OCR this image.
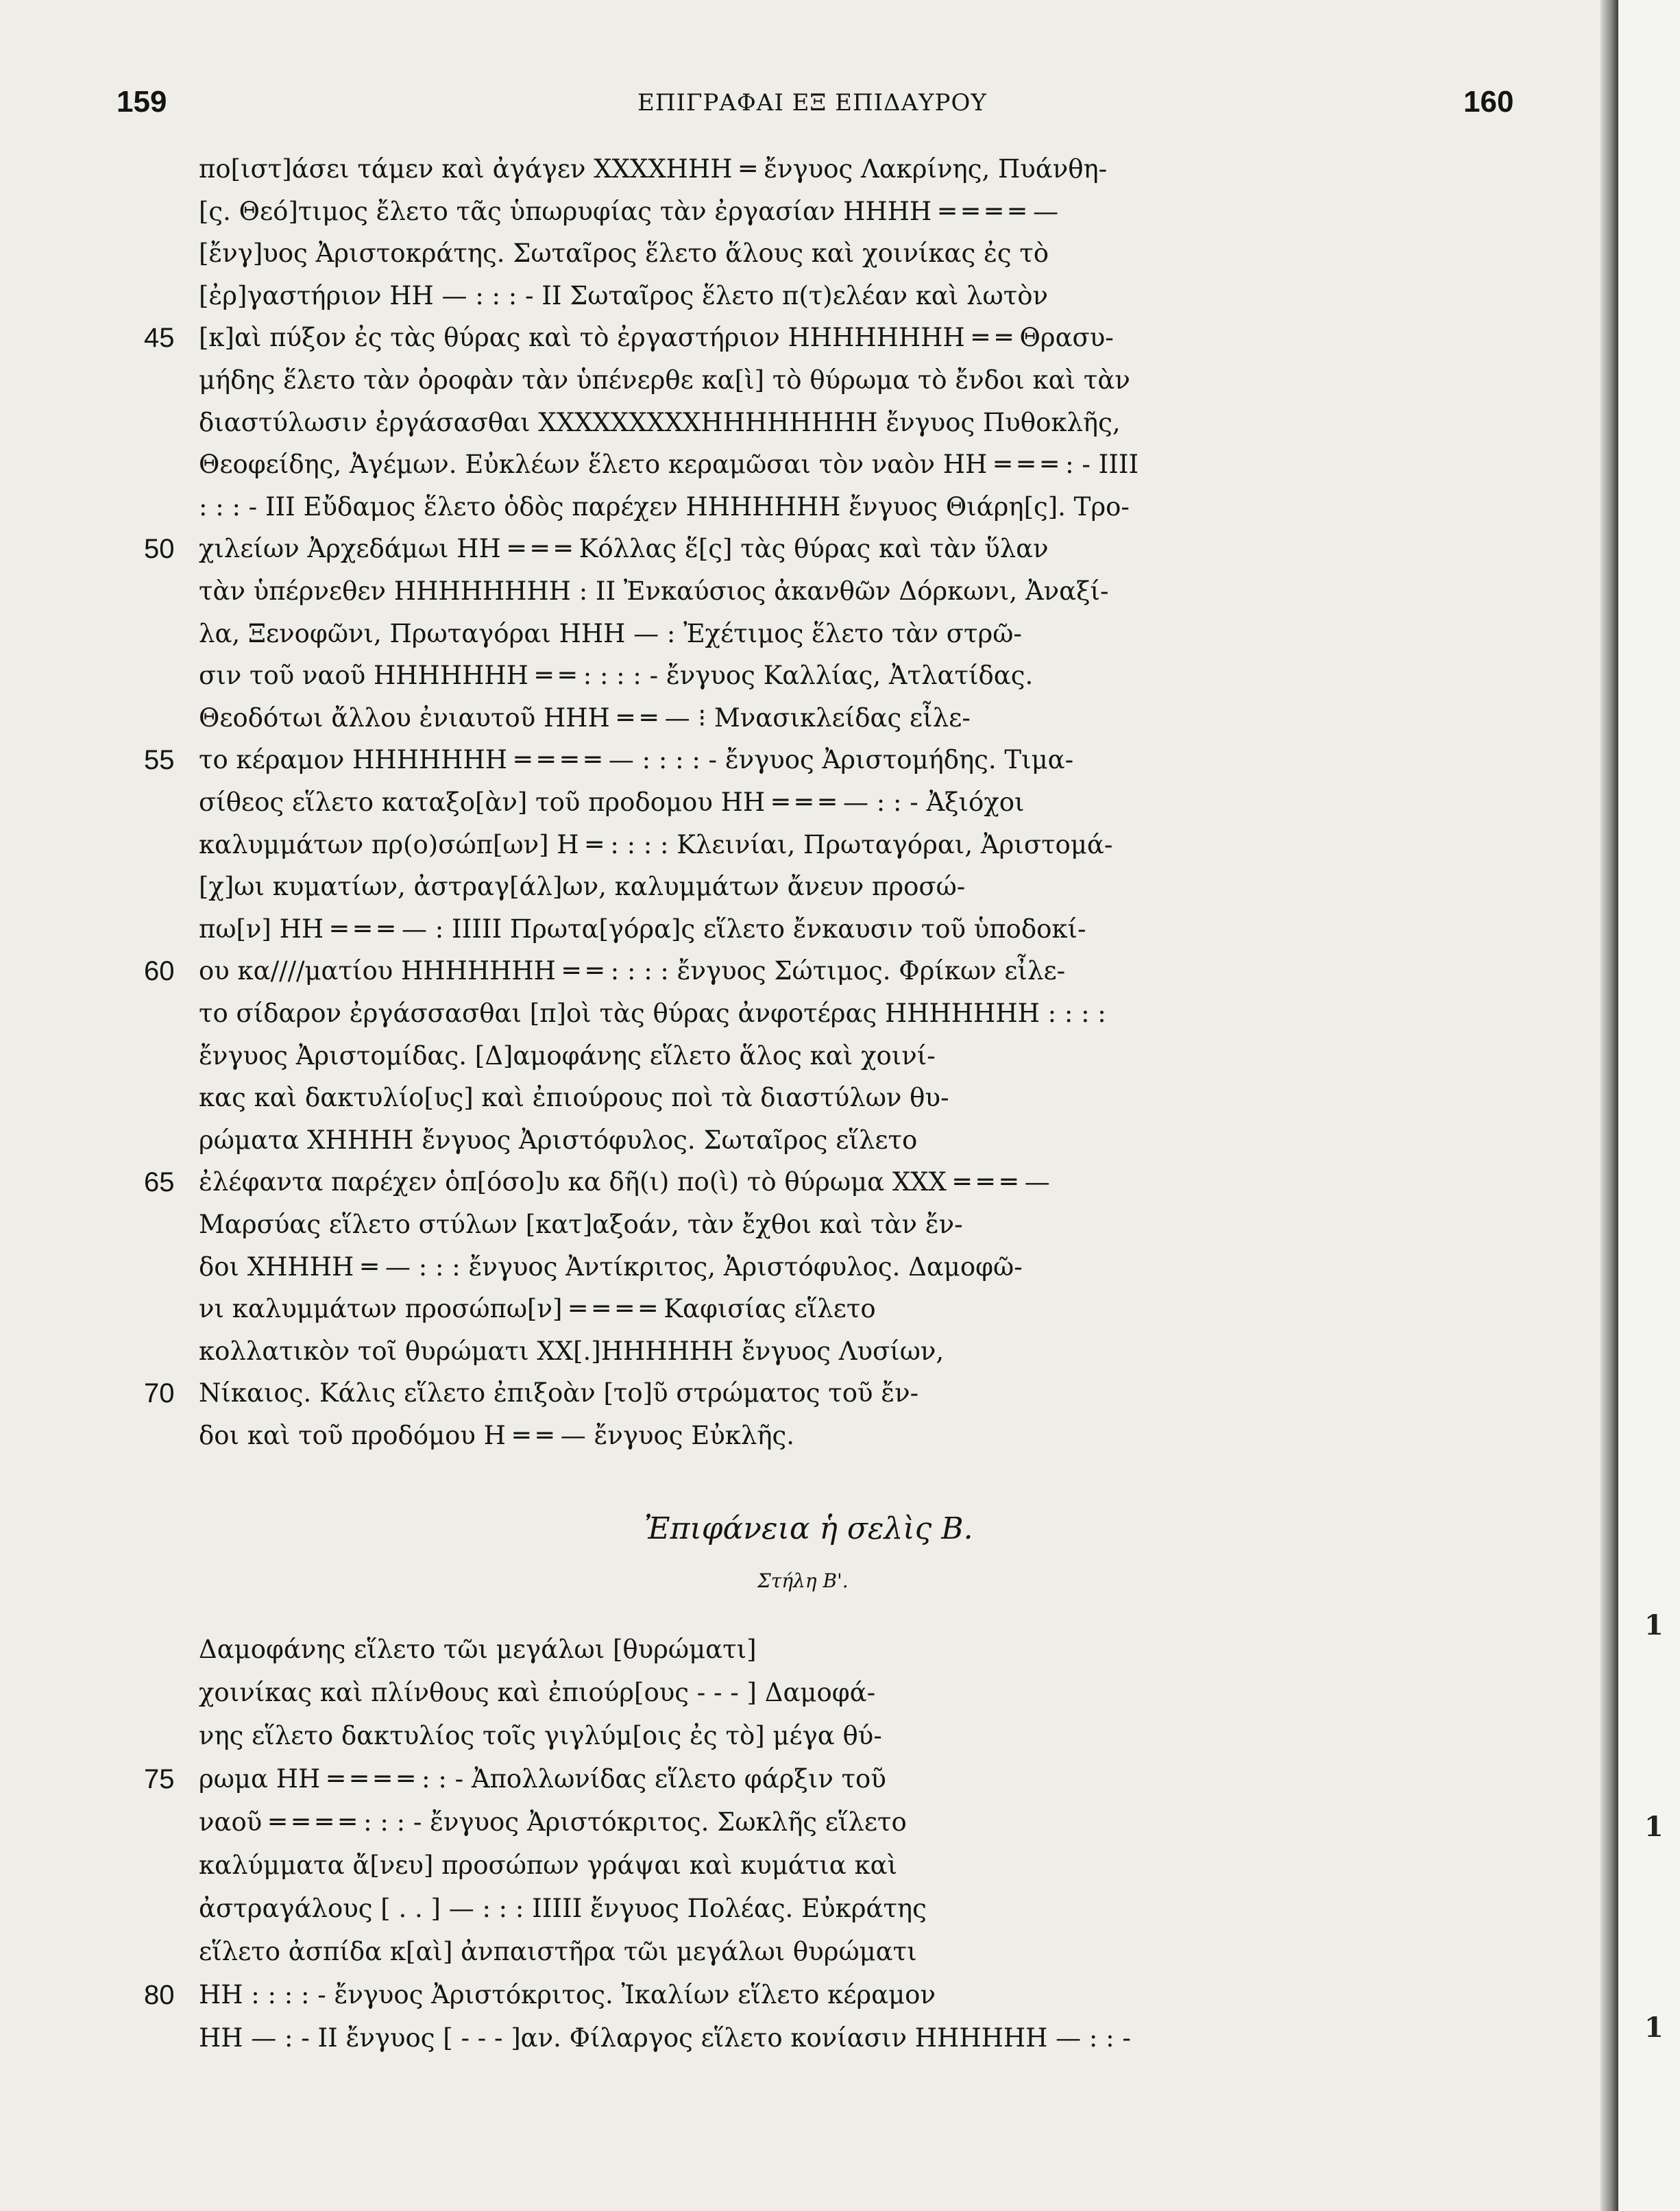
159	ΕΠΙΓΡΑΦΑΙ ΕΞ ΕΠΙΔΑΥΡΟΥ	160
πο[ιστ]άσει τάμεν καὶ ἀγάγεν ΧΧΧΧΗΗΗ ═ ἔνγυος Λακρίνης, Πυάνθη-
[ς. Θεό]τιμος ἔλετο τᾶς ὑπωρυφίας τὰν ἐργασίαν ΗΗΗΗ ═ ═ ═ ═ —
[ἔνγ]υος Ἀριστοκράτης. Σωταῖρος ἕλετο ἅλους καὶ χοινίκας ἐς τὸ
[ἐρ]γαστήριον ΗΗ — : : : - ΙΙ Σωταῖρος ἕλετο π(τ)ελέαν καὶ λωτὸν
45 [κ]αὶ πύξον ἐς τὰς θύρας καὶ τὸ ἐργαστήριον ΗΗΗΗΗΗΗΗ ═ ═ Θρασυ-
μήδης ἕλετο τὰν ὀροφὰν τὰν ὑπένερθε κα[ὶ] τὸ θύρωμα τὸ ἔνδοι καὶ τὰν
διαστύλωσιν ἐργάσασθαι ΧΧΧΧΧΧΧΧΧΗΗΗΗΗΗΗΗ ἔνγυος Πυθοκλῆς,
Θεοφείδης, Ἀγέμων. Εὐκλέων ἕλετο κεραμῶσαι τὸν ναὸν ΗΗ ═ ═ ═ : - ΙΙΙΙ
: : : - ΙΙΙ Εὔδαμος ἕλετο ὁδὸς παρέχεν ΗΗΗΗΗΗΗ ἔνγυος Θιάρη[ς]. Τρο-
50 χιλείων Ἀρχεδάμωι ΗΗ ═ ═ ═ Κόλλας ἕ[ς] τὰς θύρας καὶ τὰν ὕλαν
τὰν ὑπέρνεθεν ΗΗΗΗΗΗΗΗ : ΙΙ Ἐνκαύσιος ἀκανθῶν Δόρκωνι, Ἀναξί-
λα, Ξενοφῶνι, Πρωταγόραι ΗΗΗ — : Ἐχέτιμος ἕλετο τὰν στρῶ-
σιν τοῦ ναοῦ ΗΗΗΗΗΗΗ ═ ═ : : : : - ἔνγυος Καλλίας, Ἀτλατίδας.
Θεοδότωι ἄλλου ἐνιαυτοῦ ΗΗΗ ═ ═ — ⁝ Μνασικλείδας εἶλε-
55 το κέραμον ΗΗΗΗΗΗΗ ═ ═ ═ ═ — : : : : - ἔνγυος Ἀριστομήδης. Τιμα-
σίθεος εἵλετο καταξο[ὰν] τοῦ προδομου ΗΗ ═ ═ ═ — : : - Ἀξιόχοι
καλυμμάτων πρ(ο)σώπ[ων] Η ═ : : : : Κλεινίαι, Πρωταγόραι, Ἀριστομά-
[χ]ωι κυματίων, ἀστραγ[άλ]ων, καλυμμάτων ἄνευν προσώ-
πω[ν] ΗΗ ═ ═ ═ — : ΙΙΙΙΙ Πρωτα[γόρα]ς εἵλετο ἔνκαυσιν τοῦ ὑποδοκί-
60 ου κα////ματίου ΗΗΗΗΗΗΗ ═ ═ : : : : ἔνγυος Σώτιμος. Φρίκων εἶλε-
το σίδαρον ἐργάσσασθαι [π]οὶ τὰς θύρας ἀνφοτέρας ΗΗΗΗΗΗΗ : : : :
ἔνγυος Ἀριστομίδας. [Δ]αμοφάνης εἵλετο ἅλος καὶ χοινί-
κας καὶ δακτυλίο[υς] καὶ ἐπιούρους ποὶ τὰ διαστύλων θυ-
ρώματα ΧΗΗΗΗ ἔνγυος Ἀριστόφυλος. Σωταῖρος εἵλετο
65 ἐλέφαντα παρέχεν ὁπ[όσο]υ κα δῆ(ι) πο(ὶ) τὸ θύρωμα ΧΧΧ ═ ═ ═ —
Μαρσύας εἵλετο στύλων [κατ]αξοάν, τὰν ἔχθοι καὶ τὰν ἔν-
δοι ΧΗΗΗΗ ═ — : : : ἔνγυος Ἀντίκριτος, Ἀριστόφυλος. Δαμοφῶ-
νι καλυμμάτων προσώπω[ν] ═ ═ ═ ═ Καφισίας εἵλετο
κολλατικὸν τοῖ θυρώματι ΧΧ[.]ΗΗΗΗΗΗ ἔνγυος Λυσίων,
70 Νίκαιος. Κάλις εἵλετο ἐπιξοὰν [το]ῦ στρώματος τοῦ ἔν-
δοι καὶ τοῦ προδόμου Η ═ ═ — ἔνγυος Εὐκλῆς.
Ἐπιφάνεια ἡ σελὶς Β.
Στήλη Β'.
Δαμοφάνης εἵλετο τῶι μεγάλωι [θυρώματι]
χοινίκας καὶ πλίνθους καὶ ἐπιούρ[ους - - - ] Δαμοφά-
νης εἵλετο δακτυλίος τοῖς γιγλύμ[οις ἐς τὸ] μέγα θύ-
75 ρωμα ΗΗ ═ ═ ═ ═ : : - Ἀπολλωνίδας εἵλετο φάρξιν τοῦ
ναοῦ ═ ═ ═ ═ : : : - ἔνγυος Ἀριστόκριτος. Σωκλῆς εἵλετο
καλύμματα ἄ[νευ] προσώπων γράψαι καὶ κυμάτια καὶ
ἀστραγάλους [ . . ] — : : : ΙΙΙΙΙ ἔνγυος Πολέας. Εὐκράτης
εἵλετο ἀσπίδα κ[αὶ] ἀνπαιστῆρα τῶι μεγάλωι θυρώματι
80 ΗΗ : : : : - ἔνγυος Ἀριστόκριτος. Ἰκαλίων εἵλετο κέραμον
ΗΗ — : - ΙΙ ἔνγυος [ - - - ]αν. Φίλαργος εἵλετο κονίασιν ΗΗΗΗΗΗ — : : -
1
1
1
